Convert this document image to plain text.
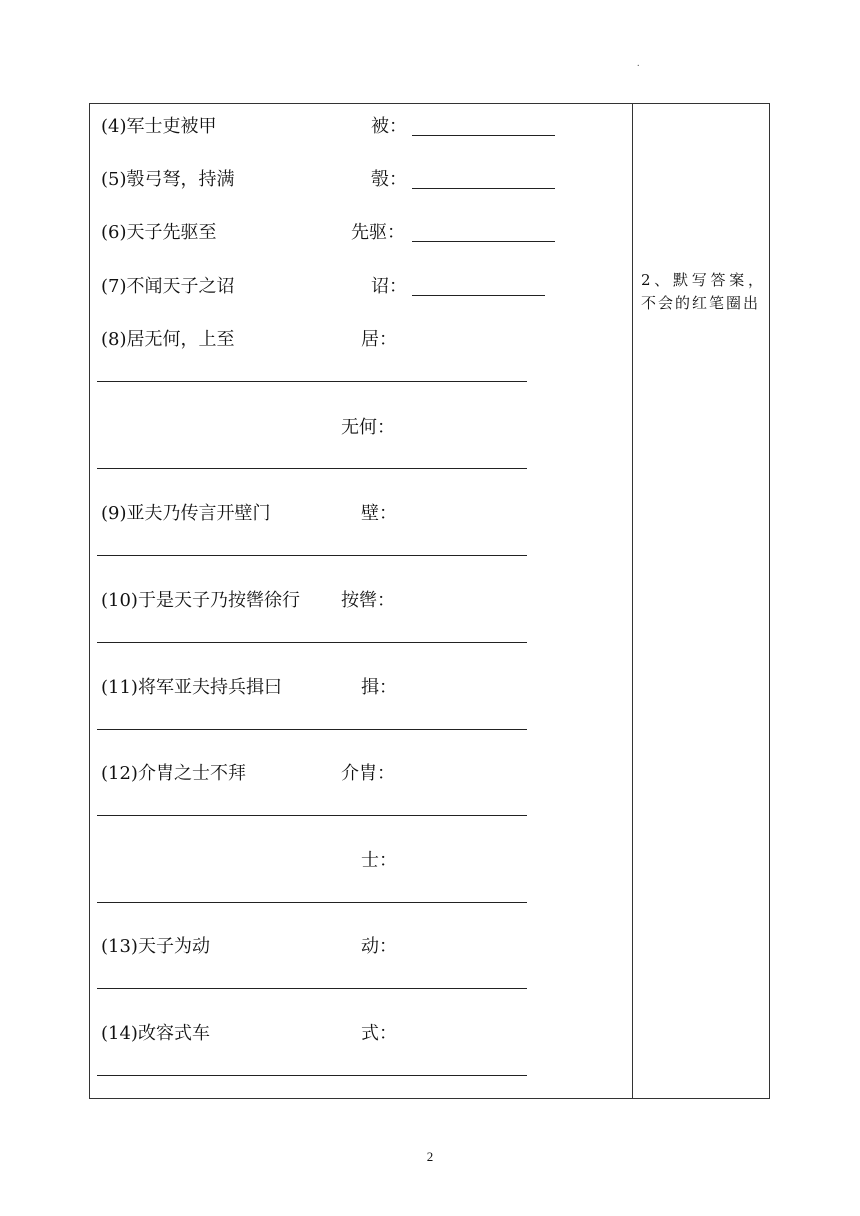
.
(4)军士吏被甲	被：
(5)彀弓弩，持满	彀：
(6)天子先驱至	先驱：
(7)不闻天子之诏	诏：
(8)居无何，上至	居：
无何：
(9)亚夫乃传言开壁门	壁：
(10)于是天子乃按辔徐行 按辔：
(11)将军亚夫持兵揖曰	揖：
(12)介胄之士不拜	介胄：
士：
(13)天子为动	动：
(14)改容式车	式：
2、默写答案，不会的红笔圈出
2
